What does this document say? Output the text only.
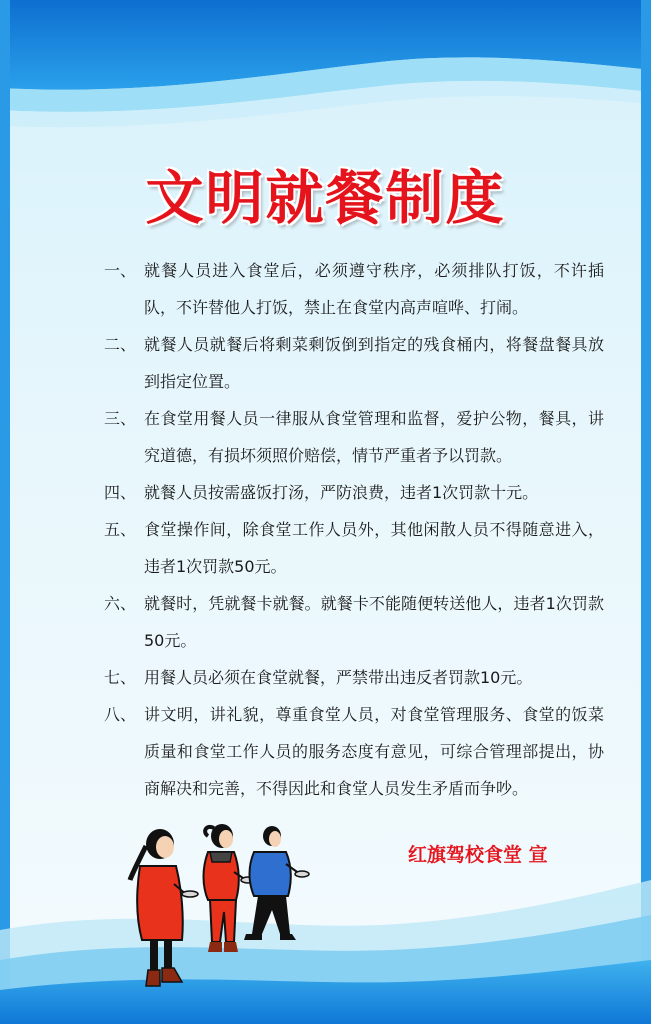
文明就餐制度
一、 就餐人员进入食堂后，必须遵守秩序，必须排队打饭，不许插队，不许替他人打饭，禁止在食堂内高声喧哗、打闹。
二、 就餐人员就餐后将剩菜剩饭倒到指定的残食桶内，将餐盘餐具放到指定位置。
三、 在食堂用餐人员一律服从食堂管理和监督，爱护公物，餐具，讲究道德，有损坏须照价赔偿，情节严重者予以罚款。
四、 就餐人员按需盛饭打汤，严防浪费，违者1次罚款十元。
五、 食堂操作间，除食堂工作人员外，其他闲散人员不得随意进入，违者1次罚款50元。
六、 就餐时，凭就餐卡就餐。就餐卡不能随便转送他人，违者1次罚款50元。
七、 用餐人员必须在食堂就餐，严禁带出违反者罚款10元。
八、 讲文明，讲礼貌，尊重食堂人员，对食堂管理服务、食堂的饭菜质量和食堂工作人员的服务态度有意见，可综合管理部提出，协商解决和完善，不得因此和食堂人员发生矛盾而争吵。
红旗驾校食堂 宣
